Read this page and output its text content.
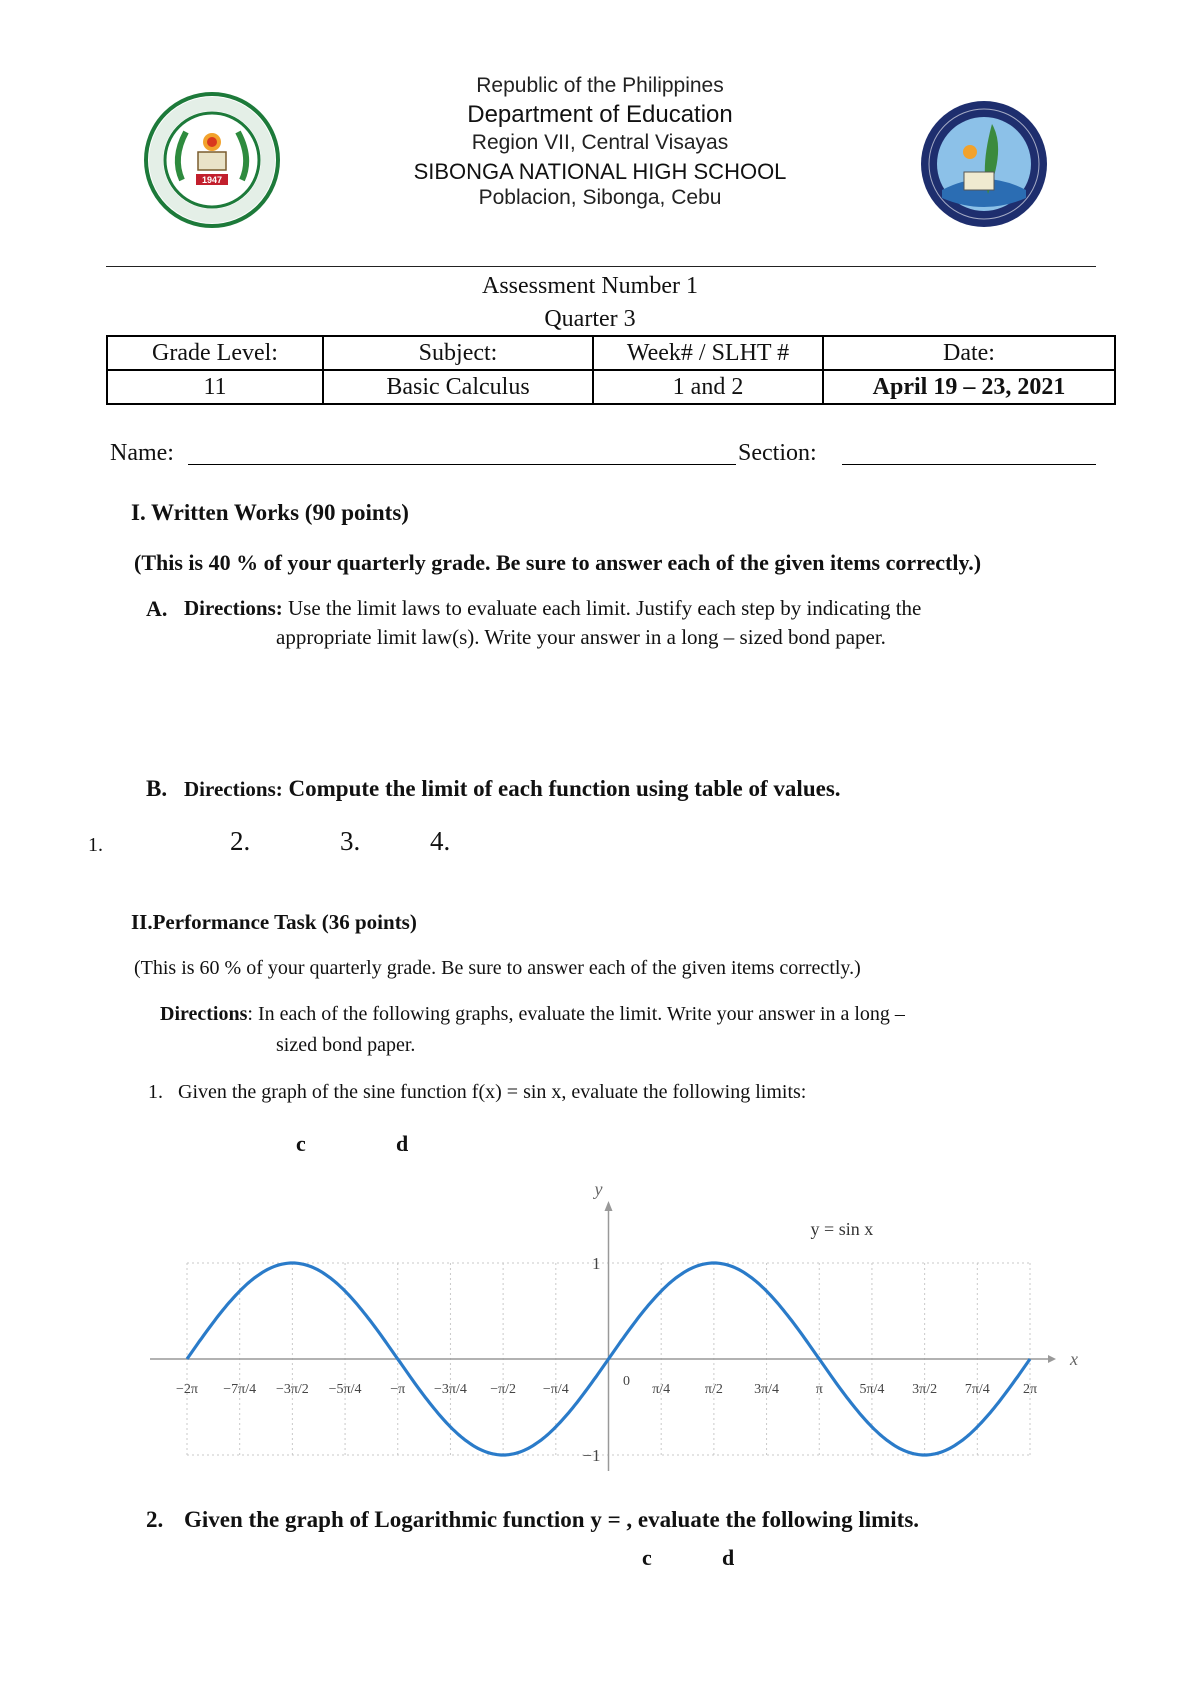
1947
Republic of the Philippines
Department of Education
Region VII, Central Visayas
SIBONGA NATIONAL HIGH SCHOOL
Poblacion, Sibonga, Cebu
Assessment Number 1
Quarter 3
Grade Level:	Subject:	Week# / SLHT #	Date:
11	Basic Calculus	1 and 2	April 19 – 23, 2021
Name:	Section:
I. Written Works (90 points)
(This is 40 % of your quarterly grade. Be sure to answer each of the given items correctly.)
A. Directions: Use the limit laws to evaluate each limit. Justify each step by indicating the
appropriate limit law(s). Write your answer in a long – sized bond paper.
B. Directions: Compute the limit of each function using table of values.
1.	2.	3.	4.
II.Performance Task (36 points)
(This is 60 % of your quarterly grade. Be sure to answer each of the given items correctly.)
Directions: In each of the following graphs, evaluate the limit. Write your answer in a long –
sized bond paper.
1.   Given the graph of the sine function f(x) = sin x, evaluate the following limits:
c	d
x
y
1
−1
−2π −7π/4 −3π/2 −5π/4 −π −3π/4 −π/2 −π/4
0
π/4 π/2 3π/4	π	5π/4 3π/2 7π/4 2π
y = sin x
2. Given the graph of Logarithmic function y = , evaluate the following limits.
c	d
